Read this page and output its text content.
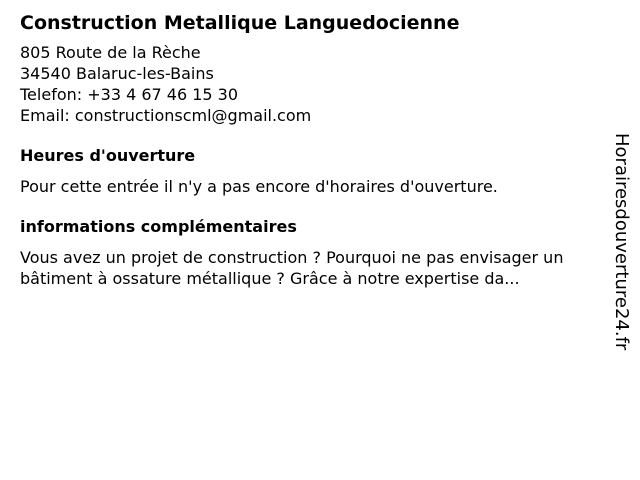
Construction Metallique Languedocienne
805 Route de la Rèche
34540 Balaruc-les-Bains
Telefon: +33 4 67 46 15 30
Email: constructionscml@gmail.com
Heures d'ouverture
Pour cette entrée il n'y a pas encore d'horaires d'ouverture.
informations complémentaires
Vous avez un projet de construction ? Pourquoi ne pas envisager un bâtiment à ossature métallique ? Grâce à notre expertise da...	Horairesdouverture24.fr
